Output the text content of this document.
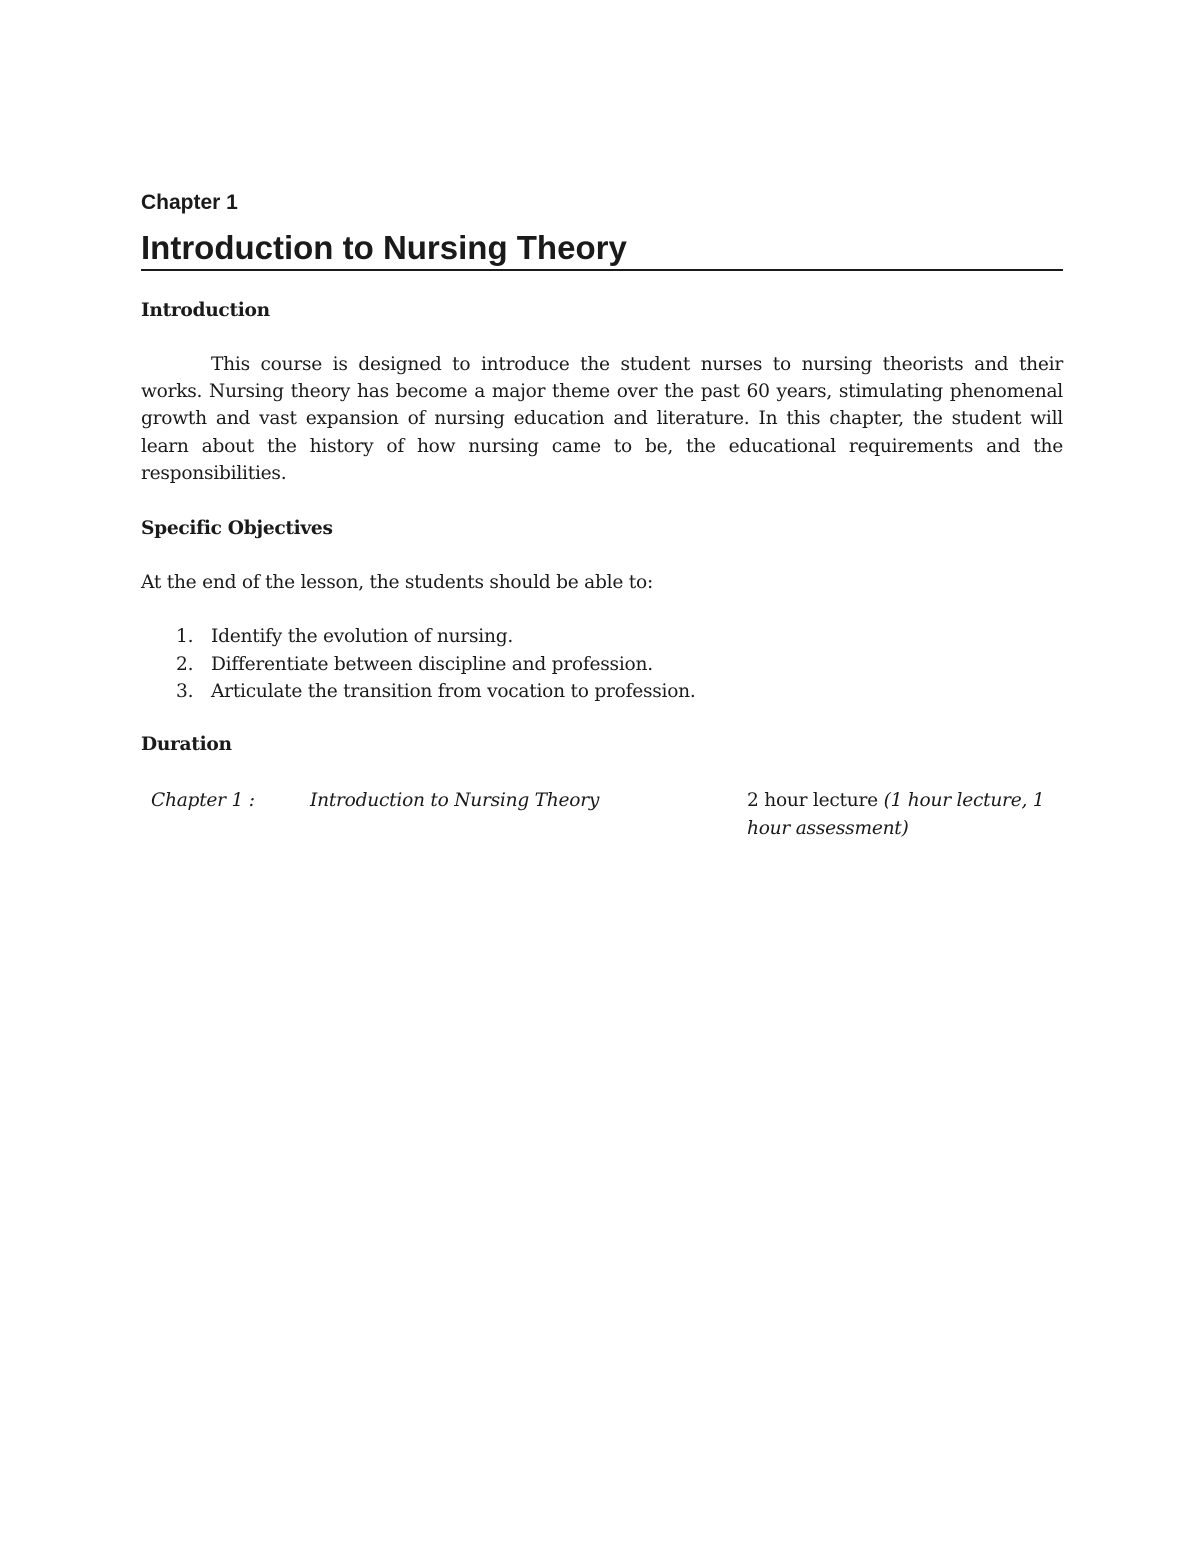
Chapter 1
Introduction to Nursing Theory
Introduction

This course is designed to introduce the student nurses to nursing theorists and their works. Nursing theory has become a major theme over the past 60 years, stimulating phenomenal growth and vast expansion of nursing education and literature. In this chapter, the student will learn about the history of how nursing came to be, the educational requirements and the responsibilities.

Specific Objectives

At the end of the lesson, the students should be able to:

1. Identify the evolution of nursing.
2. Differentiate between discipline and profession.
3. Articulate the transition from vocation to profession.
Duration
Chapter 1 :	Introduction to Nursing Theory	2 hour lecture (1 hour lecture, 1 hour assessment)
